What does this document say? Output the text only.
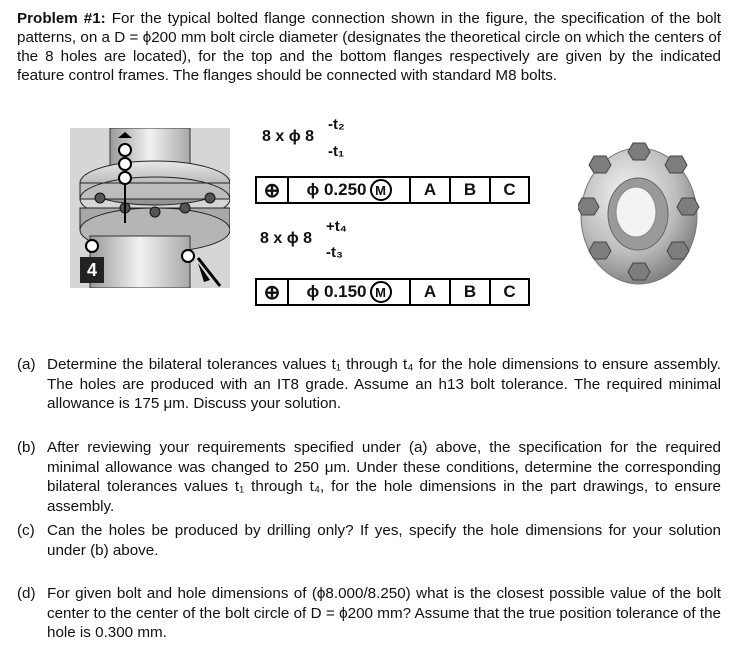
Problem #1: For the typical bolted flange connection shown in the figure, the specification of the bolt patterns, on a D = ϕ200 mm bolt circle diameter (designates the theoretical circle on which the centers of the 8 holes are located), for the top and the bottom flanges respectively are given by the indicated feature control frames. The flanges should be connected with standard M8 bolts.
4
8 x ϕ 8
-t₂
-t₁
⊕	ϕ 0.250 M	A	B	C
8 x ϕ 8
+t₄
-t₃
⊕	ϕ 0.150 M	A	B	C
(a) Determine the bilateral tolerances values t₁ through t₄ for the hole dimensions to ensure assembly. The holes are produced with an IT8 grade. Assume an h13 bolt tolerance. The required minimal allowance is 175 μm. Discuss your solution.
(b) After reviewing your requirements specified under (a) above, the specification for the required minimal allowance was changed to 250 μm. Under these conditions, determine the corresponding bilateral tolerances values t₁ through t₄, for the hole dimensions in the part drawings, to ensure assembly.
(c) Can the holes be produced by drilling only? If yes, specify the hole dimensions for your solution under (b) above.
(d) For given bolt and hole dimensions of (ϕ8.000/8.250) what is the closest possible value of the bolt center to the center of the bolt circle of D = ϕ200 mm? Assume that the true position tolerance of the hole is 0.300 mm.
